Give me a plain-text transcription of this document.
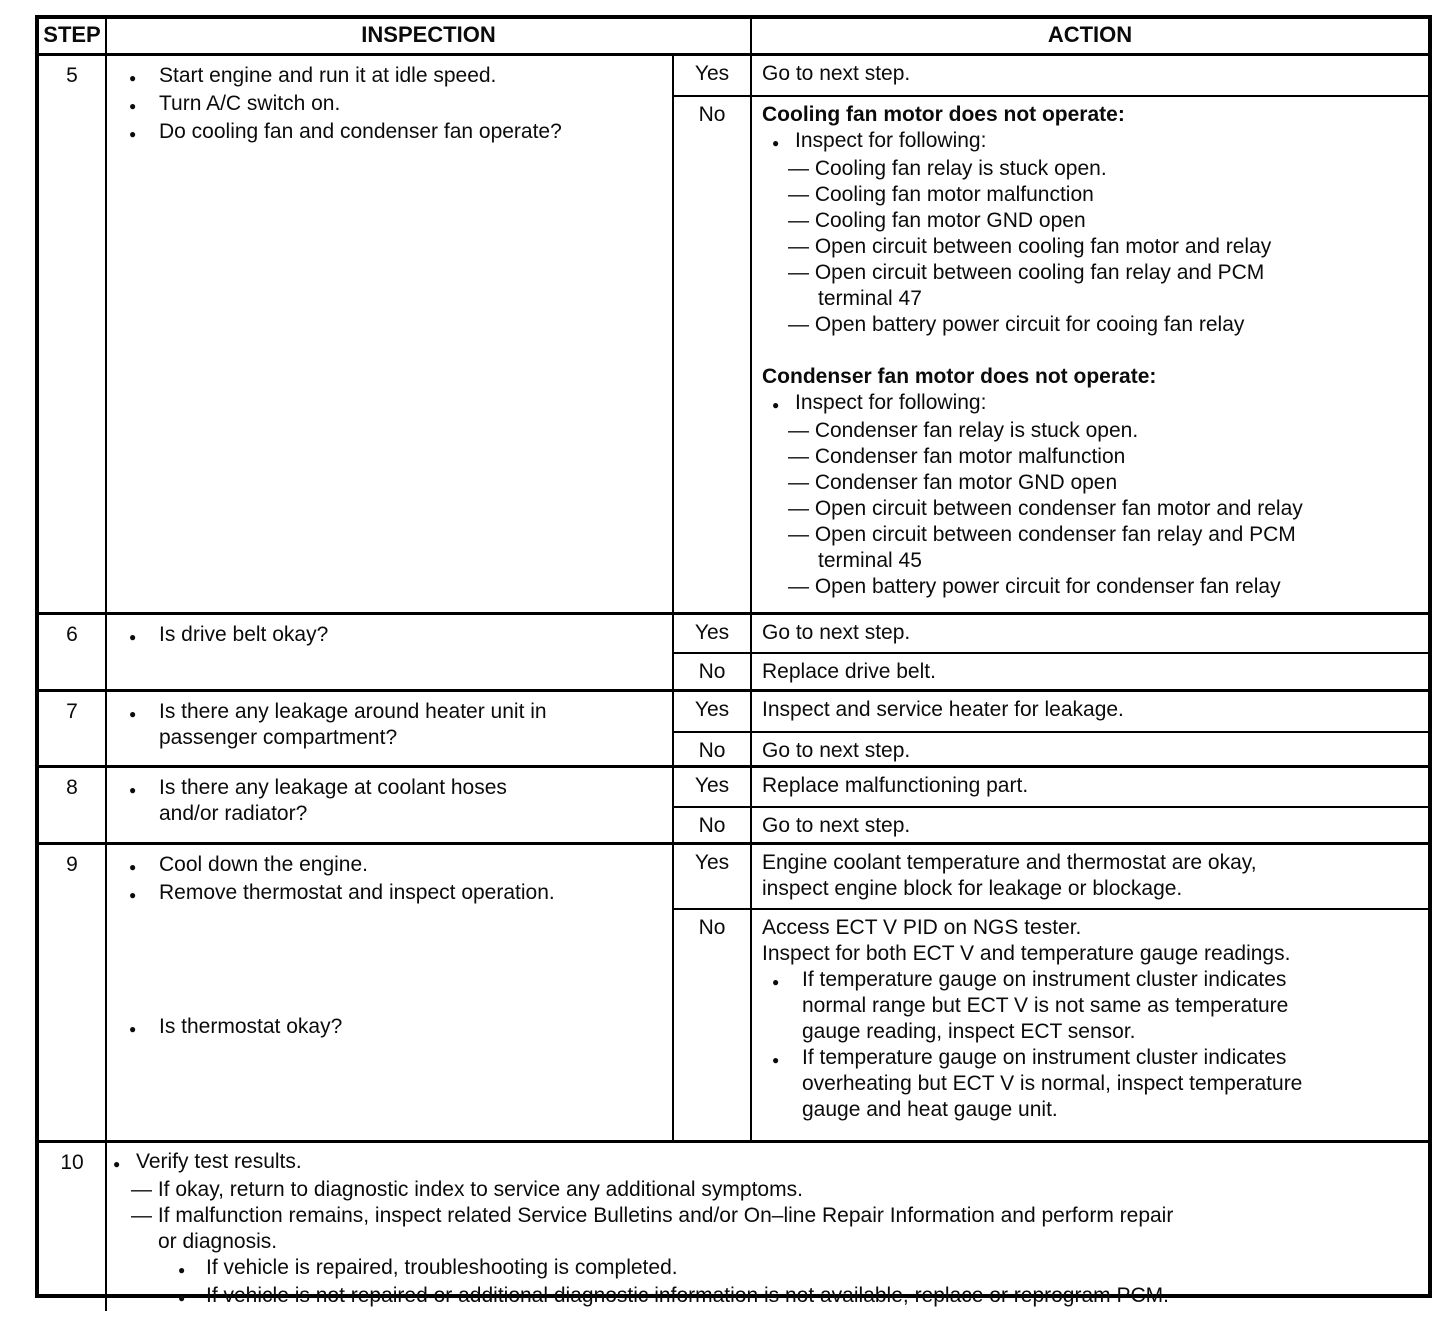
STEP	INSPECTION	ACTION
5	●	Start engine and run it at idle speed.
●	Turn A/C switch on.
●	Do cooling fan and condenser fan operate?
Yes	Go to next step.
No	Cooling fan motor does not operate:
● Inspect for following:
— Cooling fan relay is stuck open.
— Cooling fan motor malfunction
— Cooling fan motor GND open
— Open circuit between cooling fan motor and relay
— Open circuit between cooling fan relay and PCM
terminal 47
— Open battery power circuit for cooing fan relay
Condenser fan motor does not operate:
● Inspect for following:
— Condenser fan relay is stuck open.
— Condenser fan motor malfunction
— Condenser fan motor GND open
— Open circuit between condenser fan motor and relay
— Open circuit between condenser fan relay and PCM
terminal 45
— Open battery power circuit for condenser fan relay
6	●	Is drive belt okay?	Yes	Go to next step.
No	Replace drive belt.
7	●	Is there any leakage around heater unit in
passenger compartment?
Yes	Inspect and service heater for leakage.
No	Go to next step.
8	●	Is there any leakage at coolant hoses
and/or radiator?
Yes	Replace malfunctioning part.
No	Go to next step.
9	●	Cool down the engine.
●	Remove thermostat and inspect operation.
●	Is thermostat okay?
Yes	Engine coolant temperature and thermostat are okay,
inspect engine block for leakage or blockage.
No	Access ECT V PID on NGS tester.
Inspect for both ECT V and temperature gauge readings.
●	If temperature gauge on instrument cluster indicates
normal range but ECT V is not same as temperature
gauge reading, inspect ECT sensor.
●	If temperature gauge on instrument cluster indicates
overheating but ECT V is normal, inspect temperature
gauge and heat gauge unit.
10	● Verify test results.
— If okay, return to diagnostic index to service any additional symptoms.
— If malfunction remains, inspect related Service Bulletins and/or On–line Repair Information and perform repair
or diagnosis.
● If vehicle is repaired, troubleshooting is completed.
● If vehicle is not repaired or additional diagnostic information is not available, replace or reprogram PCM.
